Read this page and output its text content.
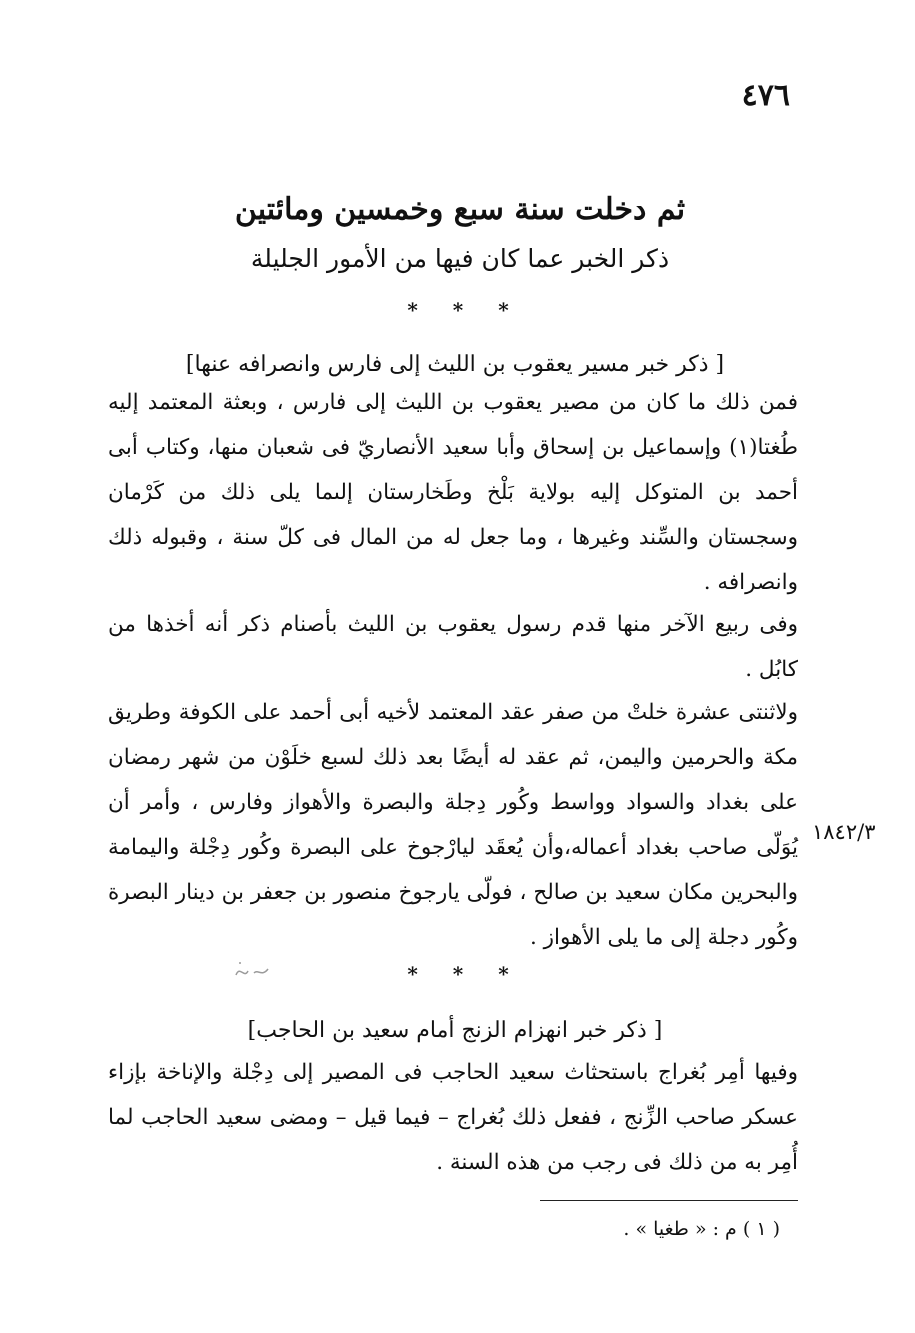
٤٧٦
ثم دخلت سنة سبع وخمسين ومائتين
ذكر الخبر عما كان فيها من الأمور الجليلة
* * *
[ ذكر خبر مسير يعقوب بن الليث إلى فارس وانصرافه عنها]

فمن ذلك ما كان من مصير يعقوب بن الليث إلى فارس ، وبعثة المعتمد إليه طُغتا(١) وإسماعيل بن إسحاق وأبا سعيد الأنصاريّ فى شعبان منها، وكتاب أبى أحمد بن المتوكل إليه بولاية بَلْخ وطَخارستان إلىما يلى ذلك من كَرْمان وسجستان والسِّند وغيرها ، وما جعل له من المال فى كلّ سنة ، وقبوله ذلك وانصرافه .

وفى ربيع الآخر منها قدم رسول يعقوب بن الليث بأصنام ذكر أنه أخذها من كابُل .

ولاثنتى عشرة خلتْ من صفر عقد المعتمد لأخيه أبى أحمد على الكوفة وطريق مكة والحرمين واليمن، ثم عقد له أيضًا بعد ذلك لسبع خلَوْن من شهر رمضان على بغداد والسواد وواسط وكُور دِجلة والبصرة والأهواز وفارس ، وأمر أن يُوَلّى صاحب بغداد أعماله،وأن يُعقَد ليارْجوخ على البصرة وكُور دِجْلة واليمامة والبحرين مكان سعيد بن صالح ، فولّى يارجوخ منصور بن جعفر بن دينار البصرة وكُور دجلة إلى ما يلى الأهواز .

١٨٤٢/٣
* * *
[ ذكر خبر انهزام الزنج أمام سعيد بن الحاجب]

وفيها أمِر بُغراج باستحثاث سعيد الحاجب فى المصير إلى دِجْلة والإناخة بإزاء عسكر صاحب الزِّنج ، ففعل ذلك بُغراج – فيما قيل – ومضى سعيد الحاجب لما أُمِر به من ذلك فى رجب من هذه السنة .

( ١ ) م : « طغيا » .
